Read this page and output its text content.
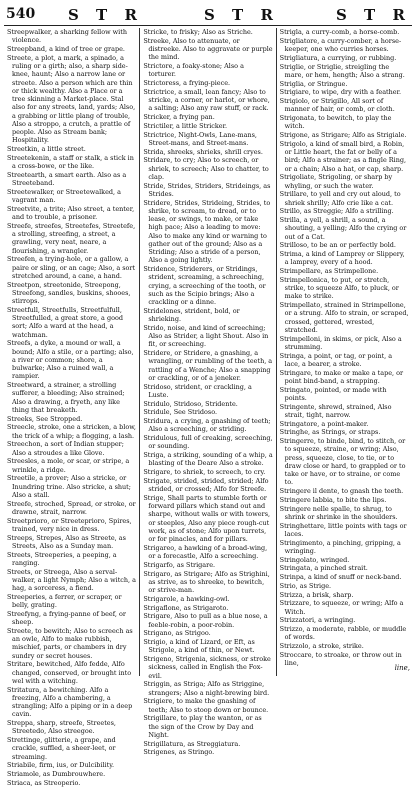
540 S T R	S T R	S T R

Streepwalker, a sharking fellow with violence.

Streepband, a kind of tree or grape.

Streete, a plot, a mark, a spinado, a ruling or a girth; also, a sharp side-knee, haunt; Also a narrow lane or streete. Also a person which are thin or thick wealthy. Also a Place or a tree skinning a Market-place. Stal also for any streets, land, yards; Also, a grabbing or little plang of trouble, Also a stroppo, a crutch, a prattle of people. Also as Stream bank; Hospitality.

Streetkin, a little street.

Streetekenin, a staff or stalk, a stick in a cross-bowe, or the like.

Streetearth, a smart earth. Also as a Streeteband.

Streetewalker, or Streetewalked, a vagrant man.

Streetvite, a trite; Also street, a tenter, and to trouble, a prisoner.

Streefe, streefes, Streetefes, Streetefe, a strolling, streefing, a street, a grawling, very neat, neare, a flourishing, a wrangler.

Streefen, a trying-hole, or a gallow, a paire or sling, or an cage; Also, a sort stretched around, a cane, a hand.

Streetpon, streetonide, Streepong, Streefong, sandles, buskins, shooes, stirrops.

Streetfull, Streetfulls, Streetfulfull, Streetfulled, a great store, a good sort; Alfo a ward at the head, a watchman.

Streefs, a dyke, a mound or wall, a bound; Alfo a stile, or a parting; also, a river or common; shore, a bulwarke; Also a ruined wall, a rampier.

Streetward, a strainer, a strolling sufferer, a bleeding; Also strained; Also a drawing, a fryeth, any like thing that breaketh.

Streeks, See Stropped.

Streecle, stroke, one a stricken, a blow, the trick of a whip; a flogging, a lash.

Streechon, a sort of Indian stupper; Also a stroudes a like Glove.

Streesles, a mole, or scar, or stripe, a wrinkle, a ridge.

Streetile, a prover; Also a stricke, or Inundring trine. Also stricke, a shut; Also a stall.

Streefe, stroched, Spread, or stroke, or drawne, strait, narrow.

Streetprioro, or Streeteprioro, Spires, trained, very nice in dress.

Streeps, Strepes, Also as Streete, as Streets, Also as a Sunday man.

Streets, Streeperies, a peeping, a ranging.

Streets, or Streega, Also a serval-walker, a light Nymph; Also a witch, a hag, a sorceress, a fiend.

Streeperies, a ferrer, or scraper, or belly, grating.

Streefyng, a frying-panne of beef, or sheep.

Streete, to bewitch; Also to screech as an owle, Alfo to make rubbish, mischief, parts, or chambers in dry sundry or secret houses.

Stritare, bewitched, Alfo fedde, Alfo changed, conserved, or brought into wel with a witching.

Stritatura, a bewitching. Alfo a freezing, Alfo a chambering, a strangling; Alfo a piping or in a deep cavin.

Streppa, sharp, streefe, Streetes, Streetedo, Also streegoe.

Strettinge, glitterie, a grape, and crackle, suffled, a sheer-leet, or streaming.

Striabile, firm, ius, or Dulcibility.

Striamole, as Dumbrouwhere.

Striaca, as Streoperio.

Stricke, to frisky; Also as Striche.

Streeke, Also to attenuate, or distreeke. Also to aggravate or purple the mind.

Strictore, a foaky-stone; Also a torturer.

Strictoress, a frying-piece.

Strictrice, a small, lean fancy; Also to stricke, a corner, or harlot, or whore, a salting; Also any raw stuff, or rack.

Stricker, a frying pan.

Strictiler, a little Stricker.

Strictrice, Night-Owls, Lane-mans, Street-mans, and Street-mans.

Strida, shreeks, shrieks, shrill cryes.

Stridare, to cry; Also to screech, or shriek, to screech; Also to chatter, to clap.

Stride, Strides, Striders, Strideings, as Strides.

Stridere, Strides, Strideing, Strides, to shrike, to scream, to dread, or to lease, or swings, to make, or take high pace; Also a leading to move: Also to make any kind or warning to gather out of the ground; Also as a Striding; Also a stride of a person, Also a going lightly.

Stridence, Striderers, or Stridings, strident, screaming, a schreeching, crying, a screeching of the tooth, or such as the Scipio brings; Also a crackling or a dinne.

Stridelones, strident, bold, or shrieking.

Strido, noise, and kind of screeching; Also as Strider, a light Shout. Also in fit, or screeching.

Stridere, or Stridere, a gnashing, a wrangling, or rumbling of the teeth, a rattling of a Wenche; Also a snapping or crackling, or of a jeneker.

Stridoso, strident, or crackling, a Luste.

Stridulo, Stridoso, Stridente.

Stridule, See Stridoso.

Stridura, a crying, a gnashing of teeth; Also a screeching, or striding.

Stridulous, full of creaking, screeching, or sounding.

Striga, a striking, sounding of a whip, a blasting of the Deare Also a stroke.

Strigare, to shriek, to screech, to cry.

Strigate, strided, strided, strided; Alfo strided, or crossed; Alfo for Streefe.

Strige, Shall parts to stumble forth or forward pillars which stand out and sharpe, without walls or with towers, or steeples, Also any piece rough-cut work, as of stone; Alfo upon turrets, or for pinacles, and for pillars.

Strigareo, a hawking of a broad-wing, or a forecastle, Alfo a screeching.

Strigarfo, as Strigare.

Strigaro, as Strigare; Alfo as Strighini, as strive, as to shreeke, to bewitch, or strive-man.

Strigarole, a hawking-owl.

Strigaflone, as Strigaroto.

Strigare, Also to pull as a blue nose, a feeble-robin, a poor-robin.

Strigano, as Strigoo.

Strigio, a kind of Lizard, or Eft, as Strigole, a kind of thin, or Newt.

Strigeno, Strigenia, sickness, or stroke sickness, called in English the Fox-evil.

Striggin, as Striga; Alfo as Striggine, strangers; Also a night-brewing bird.

Strigiere, to make the gnashing of teeth; Also to stoop down or bounce.

Strigillare, to play the wanton, or as the sign of the Crow by Day and Night.

Strigillatura, as Streggiatura.

Strigenes, as Stringo.

Strigla, a curry-comb, a horse-comb.

Strigliatore, a curry-comber, a horse-keeper, one who curries horses.

Strigliatura, a currying, or rubbing.

Striglie, or Striglie, streigling the mare, or hem, hength; Also a strang.

Striglia, or Stringue.

Strigiare, to wipe, dry with a feather.

Strigiolo, or Strigillo, All sort of manner of hair, or comb, or cloth.

Strigonata, to bewitch, to play the witch.

Strigone, as Strigare; Alfo as Strigiale.

Strigolo, a kind of small bird, a Robin, or Little heart, the fat or belly of a bird; Alfo a strainer; as a fingle Ring, or a chain; Also a hat, or cap, sharp.

Strigoliate, Strigoling, or sharp by whyling, or such the water.

Strillare, to yell and cry out aloud, to shriek shrilly; Alfo crie like a cat.

Strillo, as Streggie; Alfo a strilling.

Strilla, a yell, a shrill, a sound, a shouting, a yelling; Alfo the crying or out of a Cat.

Strilloso, to be an or perfectly bold.

Strima, a kind of Lamprey or Slippery, a lamprey, every of a hood.

Strimpellare, as Strimpellone.

Strimpellonica, to put, or stretch, strike, to squeeze Alfo, to pluck, or make to strike.

Strimpellato, strained in Strimpellone, or a strung. Alfo to strain, or scraped, crossed, gettered, wrested, stratched.

Strimpelloni, in skims, or pick, Also a strumming.

Stringa, a point, or tag, or point, a lace, a bearer, a stroke.

Stringare, to make or make a tape, or point bind-band, a strapping.

Stringato, pointed, or made with points.

Stringente, shrewd, strained, Also strait, tight, narrow.

Stringatore, a point-maker.

Stringhe, as Strings, or straps.

Stringerre, to binde, bind, to stitch, or to squeeze, straine, or wring; Also, press, squeeze, close, to tie, or to draw close or hard, to grappled or to take or have, or to straine, or come to.

Stringere il dente, to gnash the teeth.

Stringere labbia, to bite the lips.

Stringere nelle spalle, to shrug, to shrink or shrinke in the shoulders.

Stringhettare, little points with tags or laces.

Stringimento, a pinching, gripping, a wringing.

Stringolato, wringed.

Stringata, a pinched strait.

Strinpa, a kind of snuff or neck-band.

Strio, as Strige.

Strizza, a brisk, sharp.

Strizzare, to squeeze, or wring; Alfo a Witch.

Strizzatori, a wringing.

Strizzo, a moderate, rabble, or muddle of words.

Strizzolo, a stroke, strike.

Stroccare, to stroake, or throw out in line,

line,
